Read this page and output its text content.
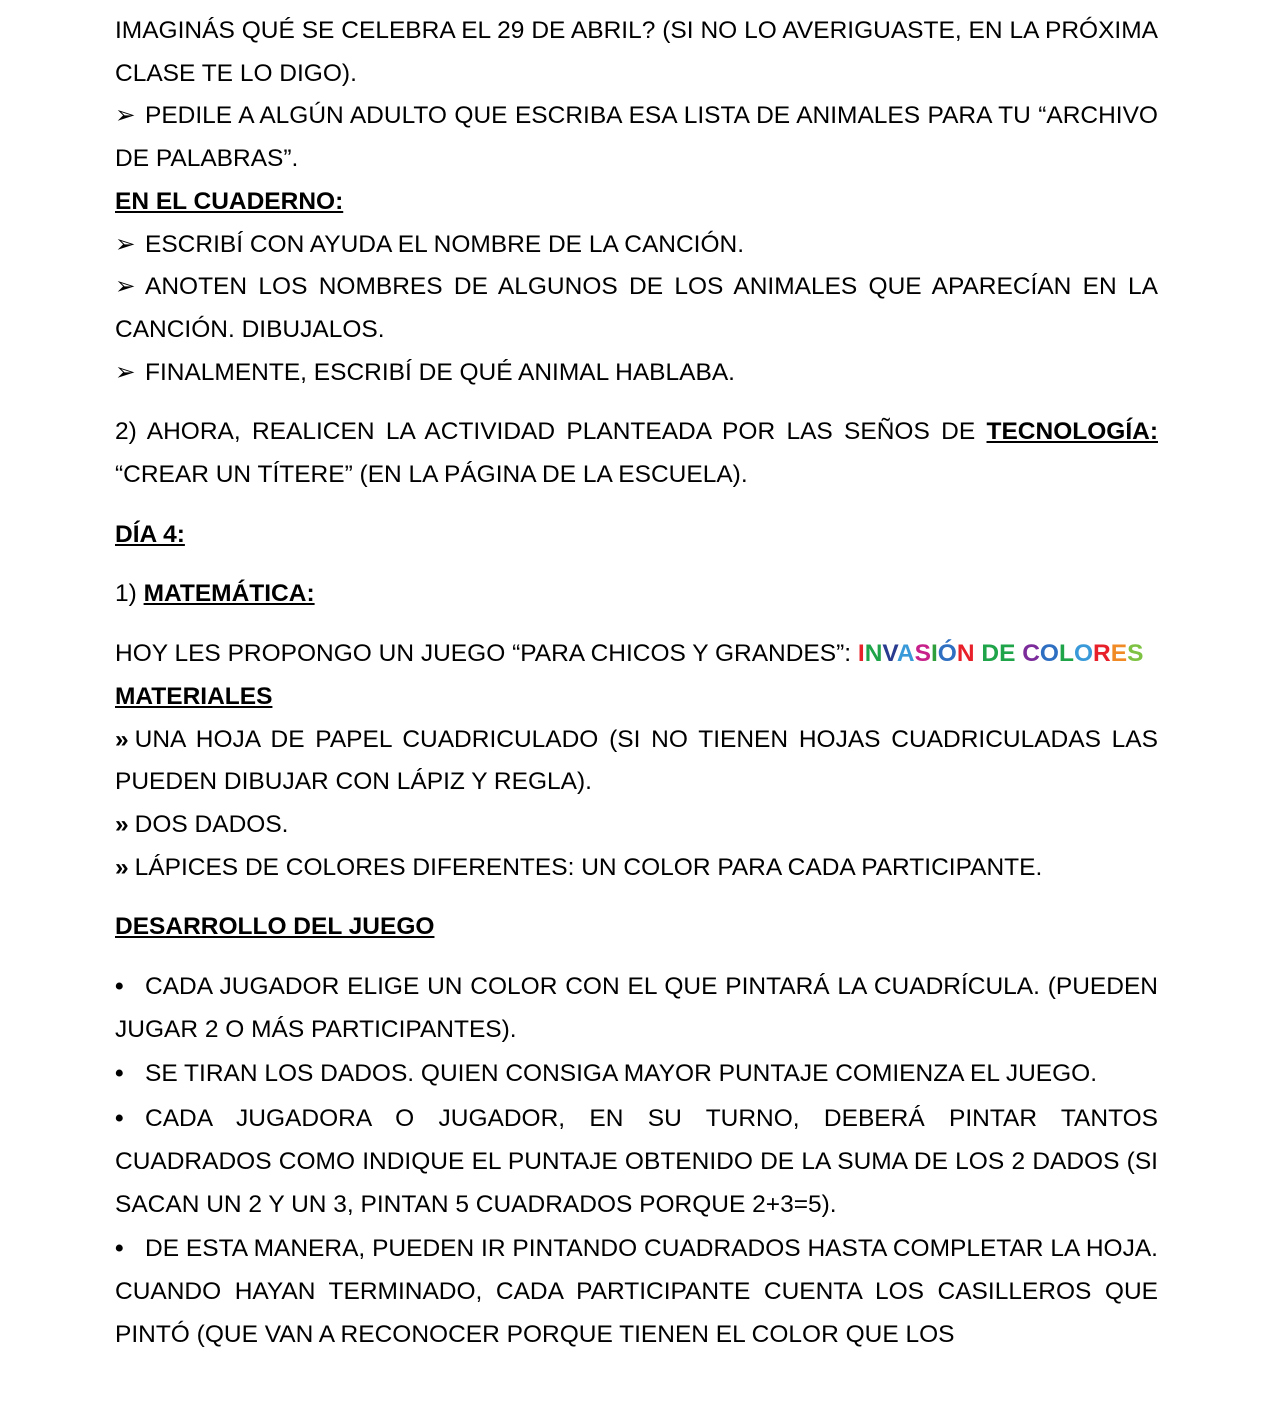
IMAGINÁS QUÉ SE CELEBRA EL 29 DE ABRIL? (SI NO LO AVERIGUASTE, EN LA PRÓXIMA CLASE TE LO DIGO).

➢ PEDILE A ALGÚN ADULTO QUE ESCRIBA ESA LISTA DE ANIMALES PARA TU “ARCHIVO DE PALABRAS”.

EN EL CUADERNO:

➢ ESCRIBÍ CON AYUDA EL NOMBRE DE LA CANCIÓN.

➢ ANOTEN LOS NOMBRES DE ALGUNOS DE LOS ANIMALES QUE APARECÍAN EN LA CANCIÓN. DIBUJALOS.

➢ FINALMENTE, ESCRIBÍ DE QUÉ ANIMAL HABLABA.

2) AHORA, REALICEN LA ACTIVIDAD PLANTEADA POR LAS SEÑOS DE TECNOLOGÍA: “CREAR UN TÍTERE” (EN LA PÁGINA DE LA ESCUELA).

DÍA 4:

1) MATEMÁTICA:

HOY LES PROPONGO UN JUEGO “PARA CHICOS Y GRANDES”: INVASIÓN DE COLORES

MATERIALES

» UNA HOJA DE PAPEL CUADRICULADO (SI NO TIENEN HOJAS CUADRICULADAS LAS PUEDEN DIBUJAR CON LÁPIZ Y REGLA).

» DOS DADOS.

» LÁPICES DE COLORES DIFERENTES: UN COLOR PARA CADA PARTICIPANTE.

DESARROLLO DEL JUEGO

• CADA JUGADOR ELIGE UN COLOR CON EL QUE PINTARÁ LA CUADRÍCULA. (PUEDEN JUGAR 2 O MÁS PARTICIPANTES).

• SE TIRAN LOS DADOS. QUIEN CONSIGA MAYOR PUNTAJE COMIENZA EL JUEGO.

• CADA JUGADORA O JUGADOR, EN SU TURNO, DEBERÁ PINTAR TANTOS CUADRADOS COMO INDIQUE EL PUNTAJE OBTENIDO DE LA SUMA DE LOS 2 DADOS (SI SACAN UN 2 Y UN 3, PINTAN 5 CUADRADOS PORQUE 2+3=5).

• DE ESTA MANERA, PUEDEN IR PINTANDO CUADRADOS HASTA COMPLETAR LA HOJA. CUANDO HAYAN TERMINADO, CADA PARTICIPANTE CUENTA LOS CASILLEROS QUE PINTÓ (QUE VAN A RECONOCER PORQUE TIENEN EL COLOR QUE LOS
